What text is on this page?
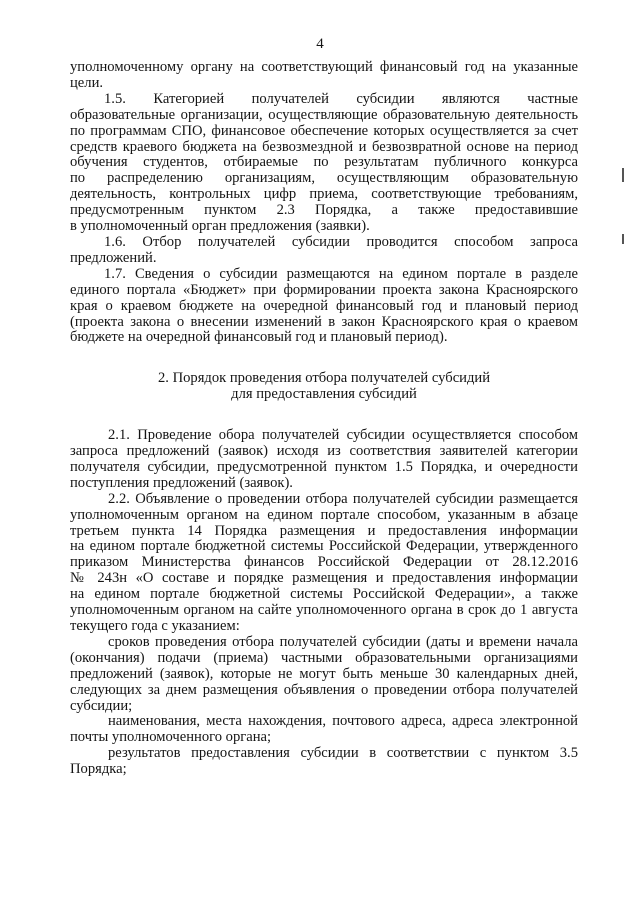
4
уполномоченному органу на соответствующий финансовый год на указанные
цели.
1.5. Категорией получателей субсидии являются частные
образовательные организации, осуществляющие образовательную деятельность
по программам СПО, финансовое обеспечение которых осуществляется за счет
средств краевого бюджета на безвозмездной и безвозвратной основе на период
обучения студентов, отбираемые по результатам публичного конкурса
по распределению организациям, осуществляющим образовательную
деятельность, контрольных цифр приема, соответствующие требованиям,
предусмотренным пунктом 2.3 Порядка, а также предоставившие
в уполномоченный орган предложения (заявки).
1.6. Отбор получателей субсидии проводится способом запроса
предложений.
1.7. Сведения о субсидии размещаются на едином портале в разделе
единого портала «Бюджет» при формировании проекта закона Красноярского
края о краевом бюджете на очередной финансовый год и плановый период
(проекта закона о внесении изменений в закон Красноярского края о краевом
бюджете на очередной финансовый год и плановый период).
2. Порядок проведения отбора получателей субсидий
для предоставления субсидий
2.1. Проведение обора получателей субсидии осуществляется способом
запроса предложений (заявок) исходя из соответствия заявителей категории
получателя субсидии, предусмотренной пунктом 1.5 Порядка, и очередности
поступления предложений (заявок).
2.2. Объявление о проведении отбора получателей субсидии размещается
уполномоченным органом на едином портале способом, указанным в абзаце
третьем пункта 14 Порядка размещения и предоставления информации
на едином портале бюджетной системы Российской Федерации, утвержденного
приказом Министерства финансов Российской Федерации от 28.12.2016
№ 243н «О составе и порядке размещения и предоставления информации
на едином портале бюджетной системы Российской Федерации», а также
уполномоченным органом на сайте уполномоченного органа в срок до 1 августа
текущего года с указанием:
сроков проведения отбора получателей субсидии (даты и времени начала
(окончания) подачи (приема) частными образовательными организациями
предложений (заявок), которые не могут быть меньше 30 календарных дней,
следующих за днем размещения объявления о проведении отбора получателей
субсидии;
наименования, места нахождения, почтового адреса, адреса электронной
почты уполномоченного органа;
результатов предоставления субсидии в соответствии с пунктом 3.5
Порядка;
